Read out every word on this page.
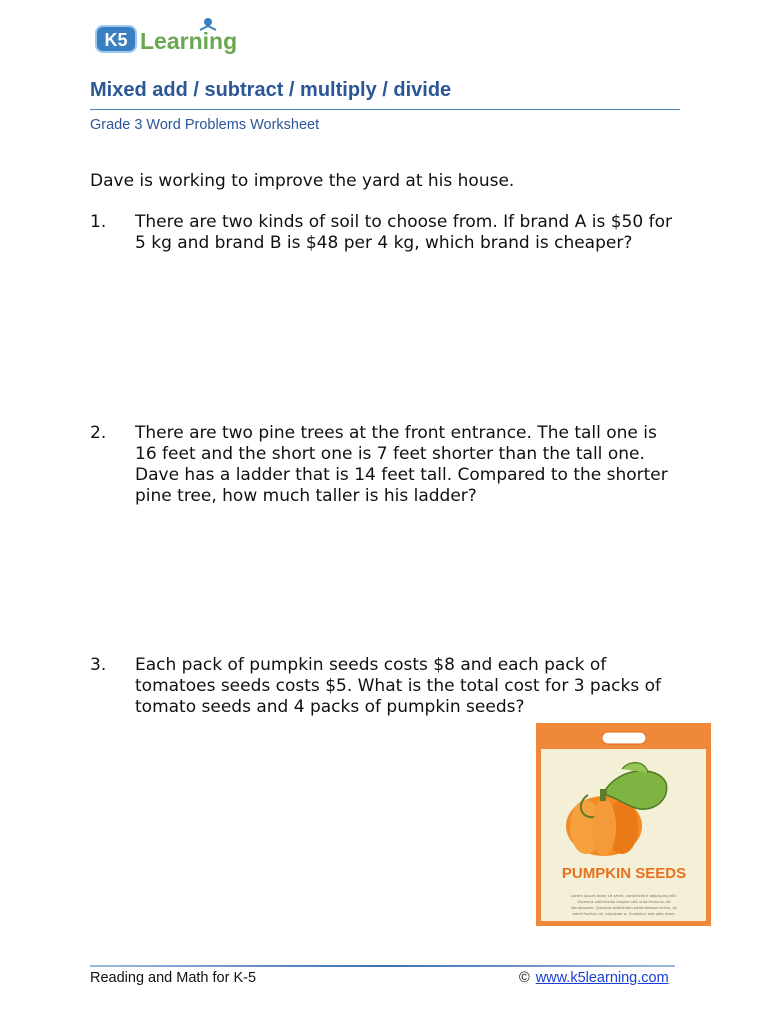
K5 Learning
Mixed add / subtract / multiply / divide
Grade 3 Word Problems Worksheet
Dave is working to improve the yard at his house.
1. There are two kinds of soil to choose from. If brand A is $50 for 5 kg and brand B is $48 per 4 kg, which brand is cheaper?
2. There are two pine trees at the front entrance. The tall one is 16 feet and the short one is 7 feet shorter than the tall one. Dave has a ladder that is 14 feet tall. Compared to the shorter pine tree, how much taller is his ladder?
3. Each pack of pumpkin seeds costs $8 and each pack of tomatoes seeds costs $5. What is the total cost for 3 packs of tomato seeds and 4 packs of pumpkin seeds?
PUMPKIN SEEDS
Lorem ipsum dolor sit amet, consectetur adipiscing elit.
Vivamus sollicitudin magna sed urna rhoncus, sit
ida aliquam. Quisque sollicitudin pellentesque tellus, sit
amet facilisis mi vulputate a. Curabitur sed odio diam.
Reading and Math for K-5	© www.k5learning.com
